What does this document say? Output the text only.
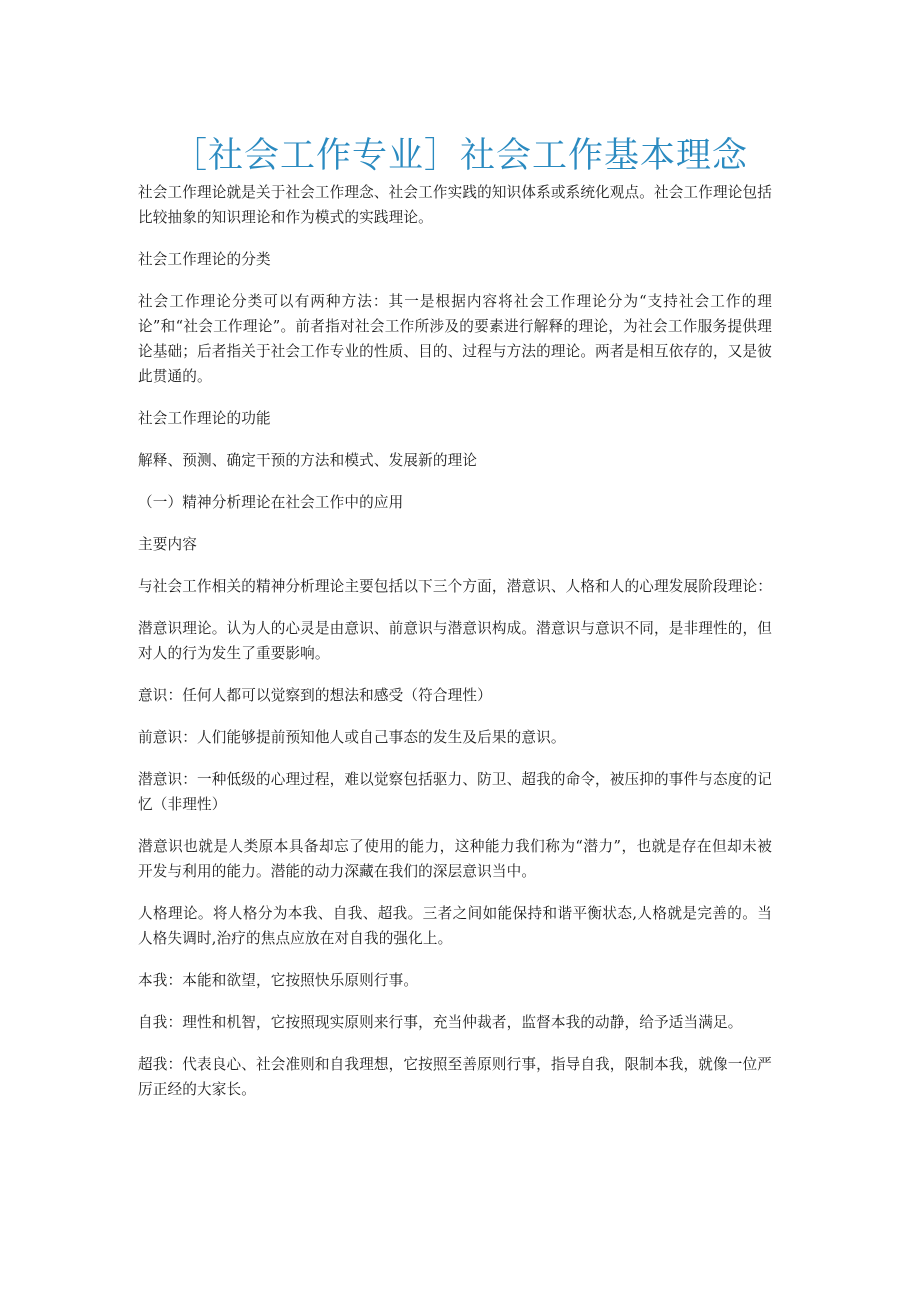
［社会工作专业］社会工作基本理念

社会工作理论就是关于社会工作理念、社会工作实践的知识体系或系统化观点。社会工作理论包括比较抽象的知识理论和作为模式的实践理论。

社会工作理论的分类

社会工作理论分类可以有两种方法：其一是根据内容将社会工作理论分为“支持社会工作的理论”和“社会工作理论”。前者指对社会工作所涉及的要素进行解释的理论，为社会工作服务提供理论基础；后者指关于社会工作专业的性质、目的、过程与方法的理论。两者是相互依存的，又是彼此贯通的。

社会工作理论的功能

解释、预测、确定干预的方法和模式、发展新的理论

（一）精神分析理论在社会工作中的应用

主要内容

与社会工作相关的精神分析理论主要包括以下三个方面，潜意识、人格和人的心理发展阶段理论：

潜意识理论。认为人的心灵是由意识、前意识与潜意识构成。潜意识与意识不同，是非理性的，但对人的行为发生了重要影响。

意识：任何人都可以觉察到的想法和感受（符合理性）

前意识：人们能够提前预知他人或自己事态的发生及后果的意识。

潜意识：一种低级的心理过程，难以觉察包括驱力、防卫、超我的命令，被压抑的事件与态度的记忆（非理性）

潜意识也就是人类原本具备却忘了使用的能力，这种能力我们称为“潜力”，也就是存在但却未被开发与利用的能力。潜能的动力深藏在我们的深层意识当中。

人格理论。将人格分为本我、自我、超我。三者之间如能保持和谐平衡状态,人格就是完善的。当人格失调时,治疗的焦点应放在对自我的强化上。

本我：本能和欲望，它按照快乐原则行事。

自我：理性和机智，它按照现实原则来行事，充当仲裁者，监督本我的动静，给予适当满足。

超我：代表良心、社会准则和自我理想，它按照至善原则行事，指导自我，限制本我，就像一位严厉正经的大家长。
